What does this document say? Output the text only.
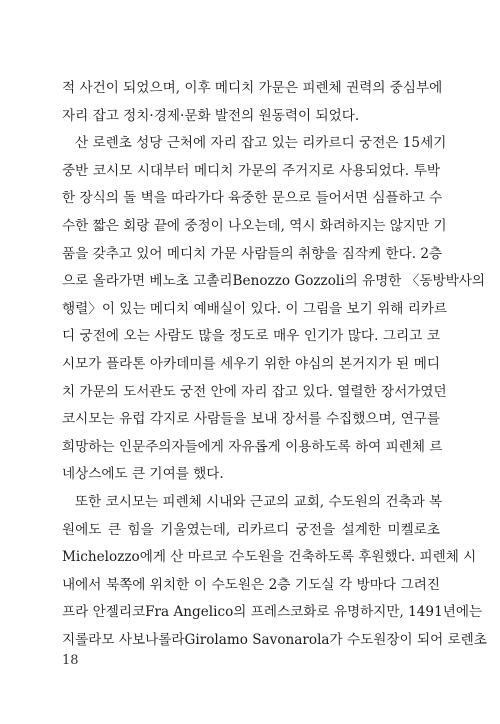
적 사건이 되었으며, 이후 메디치 가문은 피렌체 권력의 중심부에
자리 잡고 정치·경제·문화 발전의 원동력이 되었다.
산 로렌초 성당 근처에 자리 잡고 있는 리카르디 궁전은 15세기
중반 코시모 시대부터 메디치 가문의 주거지로 사용되었다. 투박
한 장식의 돌 벽을 따라가다 육중한 문으로 들어서면 심플하고 수
수한 짧은 회랑 끝에 중정이 나오는데, 역시 화려하지는 않지만 기
품을 갖추고 있어 메디치 가문 사람들의 취향을 짐작케 한다. 2층
으로 올라가면 베노초 고촐리Benozzo Gozzoli의 유명한 〈동방박사의
행렬〉이 있는 메디치 예배실이 있다. 이 그림을 보기 위해 리카르
디 궁전에 오는 사람도 많을 정도로 매우 인기가 많다. 그리고 코
시모가 플라톤 아카데미를 세우기 위한 야심의 본거지가 된 메디
치 가문의 도서관도 궁전 안에 자리 잡고 있다. 열렬한 장서가였던
코시모는 유럽 각지로 사람들을 보내 장서를 수집했으며, 연구를
희망하는 인문주의자들에게 자유롭게 이용하도록 하여 피렌체 르
네상스에도 큰 기여를 했다.
또한 코시모는 피렌체 시내와 근교의 교회, 수도원의 건축과 복
원에도 큰 힘을 기울였는데, 리카르디 궁전을 설계한 미켈로초
Michelozzo에게 산 마르코 수도원을 건축하도록 후원했다. 피렌체 시
내에서 북쪽에 위치한 이 수도원은 2층 기도실 각 방마다 그려진
프라 안젤리코Fra Angelico의 프레스코화로 유명하지만, 1491년에는
지롤라모 사보나롤라Girolamo Savonarola가 수도원장이 되어 로렌초
18
